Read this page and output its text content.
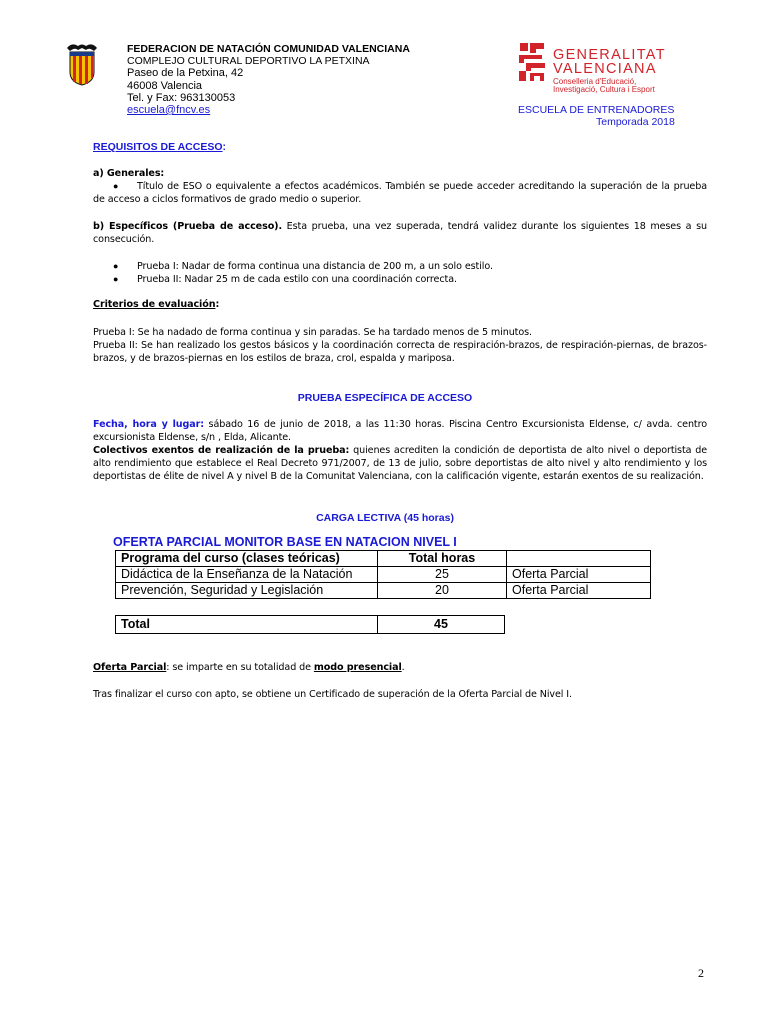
FEDERACION DE NATACIÓN COMUNIDAD VALENCIANA
COMPLEJO CULTURAL DEPORTIVO LA PETXINA
Paseo de la Petxina, 42
46008 Valencia
Tel. y Fax: 963130053
escuela@fncv.es
GENERALITAT
VALENCIANA
Conselleria d'Educació,
Investigació, Cultura i Esport
ESCUELA DE ENTRENADORES
Temporada 2018
REQUISITOS DE ACCESO:
a) Generales:
●	Título de ESO o equivalente a efectos académicos. También se puede acceder acreditando la superación de la prueba de acceso a ciclos formativos de grado medio o superior.
b) Específicos (Prueba de acceso). Esta prueba, una vez superada, tendrá validez durante los siguientes 18 meses a su consecución.
● Prueba I: Nadar de forma continua una distancia de 200 m, a un solo estilo.
● Prueba II: Nadar 25 m de cada estilo con una coordinación correcta.
Criterios de evaluación:
Prueba I: Se ha nadado de forma continua y sin paradas. Se ha tardado menos de 5 minutos.
Prueba II: Se han realizado los gestos básicos y la coordinación correcta de respiración-brazos, de respiración-piernas, de brazos-brazos, y de brazos-piernas en los estilos de braza, crol, espalda y mariposa.
PRUEBA ESPECÍFICA DE ACCESO
Fecha, hora y lugar: sábado 16 de junio de 2018, a las 11:30 horas. Piscina Centro Excursionista Eldense, c/ avda. centro excursionista Eldense, s/n , Elda, Alicante.
Colectivos exentos de realización de la prueba: quienes acrediten la condición de deportista de alto nivel o deportista de alto rendimiento que establece el Real Decreto 971/2007, de 13 de julio, sobre deportistas de alto nivel y alto rendimiento y los deportistas de élite de nivel A y nivel B de la Comunitat Valenciana, con la calificación vigente, estarán exentos de su realización.
CARGA LECTIVA (45 horas)
OFERTA PARCIAL MONITOR BASE EN NATACION NIVEL I
Programa del curso (clases teóricas)	Total horas	
Didáctica de la Enseñanza de la Natación	25	Oferta Parcial
Prevención, Seguridad y Legislación	20	Oferta Parcial
Total	45
Oferta Parcial: se imparte en su totalidad de modo presencial.
Tras finalizar el curso con apto, se obtiene un Certificado de superación de la Oferta Parcial de Nivel I.
2
